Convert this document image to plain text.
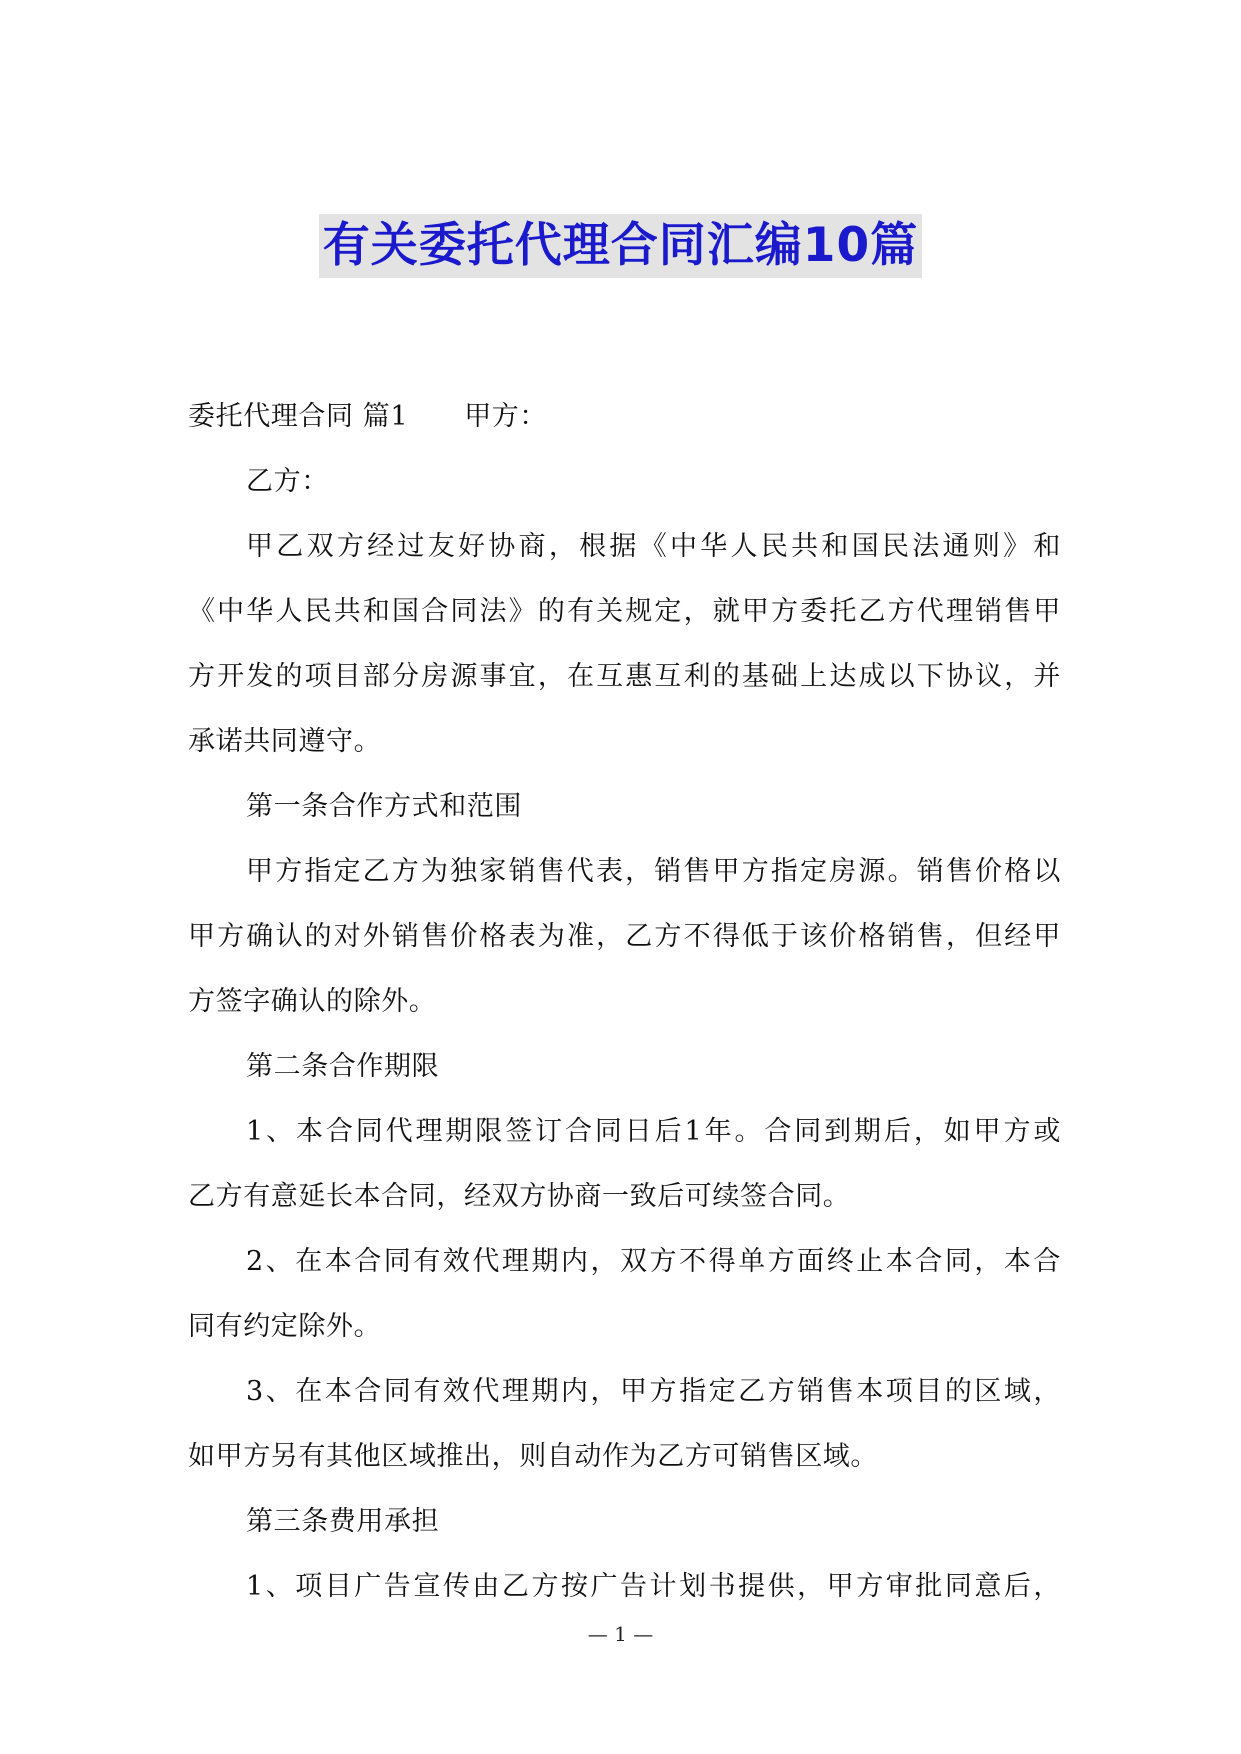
有关委托代理合同汇编10篇
委托代理合同 篇1 甲方：
乙方：
甲乙双方经过友好协商，根据《中华人民共和国民法通则》和
《中华人民共和国合同法》的有关规定，就甲方委托乙方代理销售甲
方开发的项目部分房源事宜，在互惠互利的基础上达成以下协议，并
承诺共同遵守。
第一条合作方式和范围
甲方指定乙方为独家销售代表，销售甲方指定房源。销售价格以
甲方确认的对外销售价格表为准，乙方不得低于该价格销售，但经甲
方签字确认的除外。
第二条合作期限
1、本合同代理期限签订合同日后1年。合同到期后，如甲方或
乙方有意延长本合同，经双方协商一致后可续签合同。
2、在本合同有效代理期内，双方不得单方面终止本合同，本合
同有约定除外。
3、在本合同有效代理期内，甲方指定乙方销售本项目的区域，
如甲方另有其他区域推出，则自动作为乙方可销售区域。
第三条费用承担
1、项目广告宣传由乙方按广告计划书提供，甲方审批同意后，
— 1 —
